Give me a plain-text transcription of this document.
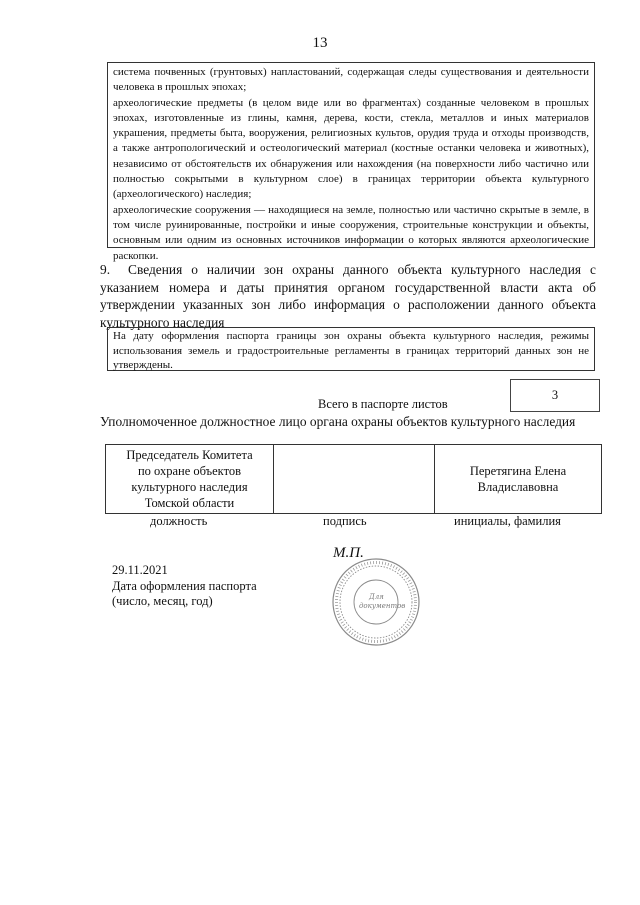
13

система почвенных (грунтовых) напластований, содержащая следы существования и деятельности человека в прошлых эпохах;

археологические предметы (в целом виде или во фрагментах) созданные человеком в прошлых эпохах, изготовленные из глины, камня, дерева, кости, стекла, металлов и иных материалов украшения, предметы быта, вооружения, религиозных культов, орудия труда и отходы производств, а также антропологический и остеологический материал (костные останки человека и животных), независимо от обстоятельств их обнаружения или нахождения (на поверхности либо частично или полностью сокрытыми в культурном слое) в границах территории объекта культурного (археологического) наследия;

археологические сооружения — находящиеся на земле, полностью или частично скрытые в земле, в том числе руинированные, постройки и иные сооружения, строительные конструкции и объекты, основным или одним из основных источников информации о которых являются археологические раскопки.

9. Сведения о наличии зон охраны данного объекта культурного наследия с указанием номера и даты принятия органом государственной власти акта об утверждении указанных зон либо информация о расположении данного объекта культурного наследия
На дату оформления паспорта границы зон охраны объекта культурного наследия, режимы использования земель и градостроительные регламенты в границах территорий данных зон не утверждены.
Всего в паспорте листов
3
Уполномоченное должностное лицо органа охраны объектов культурного наследия
Председатель Комитета
по охране объектов
культурного наследия
Томской области

Перетягина Елена
Владиславовна
должность	подпись	инициалы, фамилия
М.П.
29.11.2021
Дата оформления паспорта
(число, месяц, год)	Для
документов
